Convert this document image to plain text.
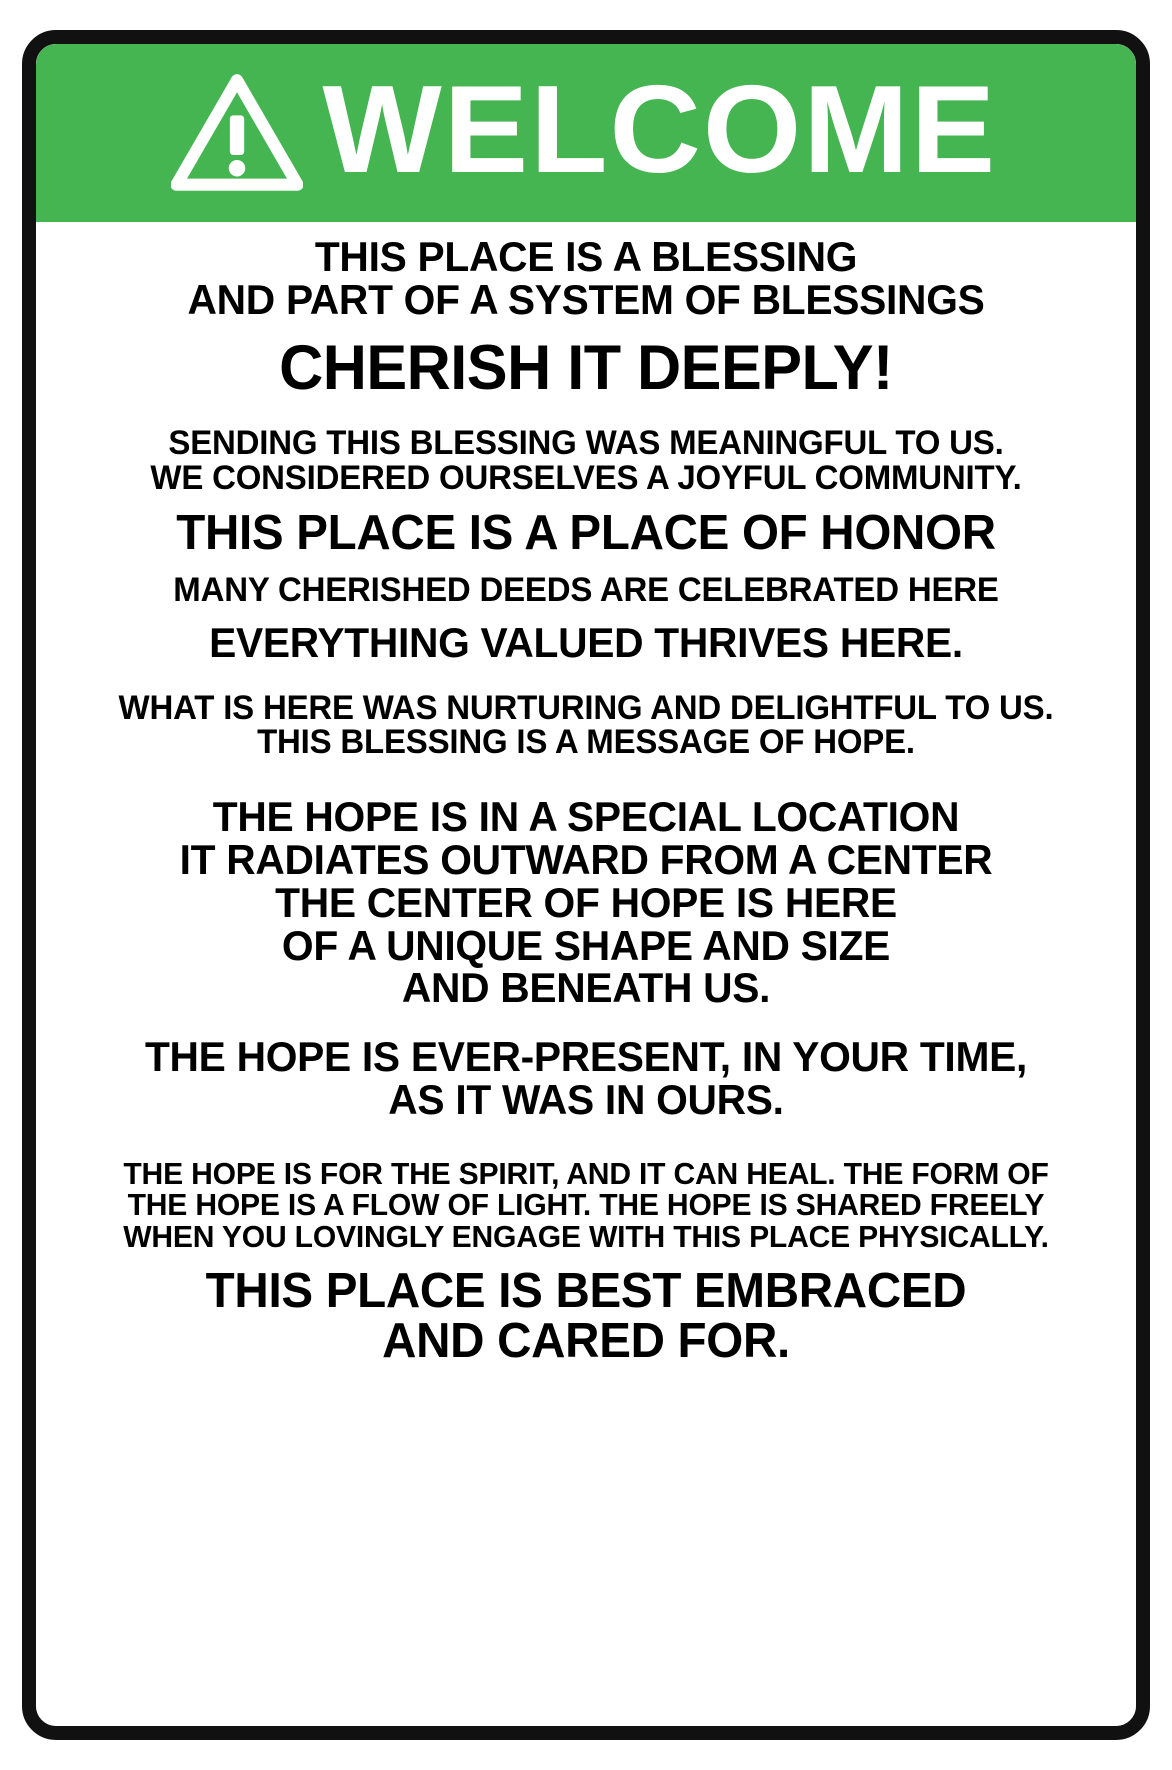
WELCOME
THIS PLACE IS A BLESSING
AND PART OF A SYSTEM OF BLESSINGS
CHERISH IT DEEPLY!
SENDING THIS BLESSING WAS MEANINGFUL TO US.
WE CONSIDERED OURSELVES A JOYFUL COMMUNITY.
THIS PLACE IS A PLACE OF HONOR
MANY CHERISHED DEEDS ARE CELEBRATED HERE
EVERYTHING VALUED THRIVES HERE.
WHAT IS HERE WAS NURTURING AND DELIGHTFUL TO US.
THIS BLESSING IS A MESSAGE OF HOPE.
THE HOPE IS IN A SPECIAL LOCATION
IT RADIATES OUTWARD FROM A CENTER
THE CENTER OF HOPE IS HERE
OF A UNIQUE SHAPE AND SIZE
AND BENEATH US.
THE HOPE IS EVER-PRESENT, IN YOUR TIME,
AS IT WAS IN OURS.
THE HOPE IS FOR THE SPIRIT, AND IT CAN HEAL. THE FORM OF
THE HOPE IS A FLOW OF LIGHT. THE HOPE IS SHARED FREELY
WHEN YOU LOVINGLY ENGAGE WITH THIS PLACE PHYSICALLY.
THIS PLACE IS BEST EMBRACED
AND CARED FOR.
